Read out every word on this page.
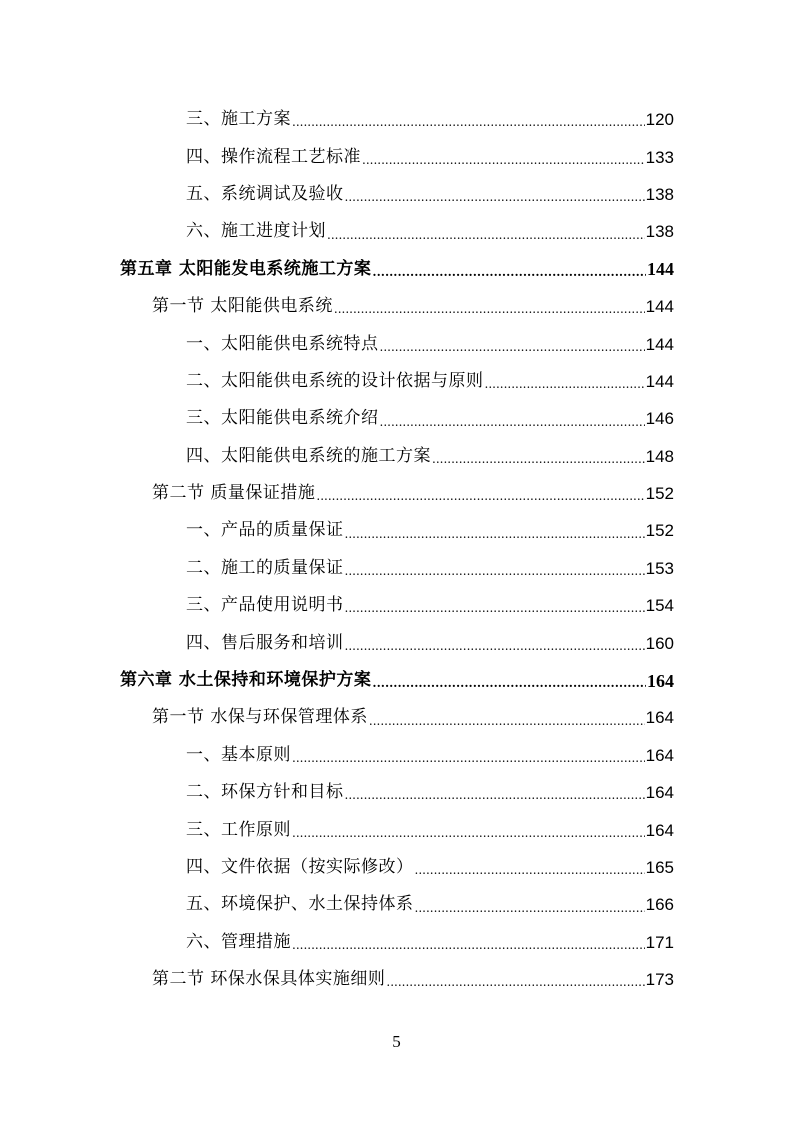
三、施工方案 .....	120
四、操作流程工艺标准 .....	133
五、系统调试及验收 .....	138
六、施工进度计划 .....	138
第五章 太阳能发电系统施工方案 .....	144
第一节 太阳能供电系统 .....	144
一、太阳能供电系统特点 .....	144
二、太阳能供电系统的设计依据与原则 .....	144
三、太阳能供电系统介绍 .....	146
四、太阳能供电系统的施工方案 .....	148
第二节 质量保证措施 .....	152
一、产品的质量保证 .....	152
二、施工的质量保证 .....	153
三、产品使用说明书 .....	154
四、售后服务和培训 .....	160
第六章 水土保持和环境保护方案 .....	164
第一节 水保与环保管理体系 .....	164
一、基本原则 .....	164
二、环保方针和目标 .....	164
三、工作原则 .....	164
四、文件依据（按实际修改） .....	165
五、环境保护、水土保持体系 .....	166
六、管理措施 .....	171
第二节 环保水保具体实施细则 .....	173
5
